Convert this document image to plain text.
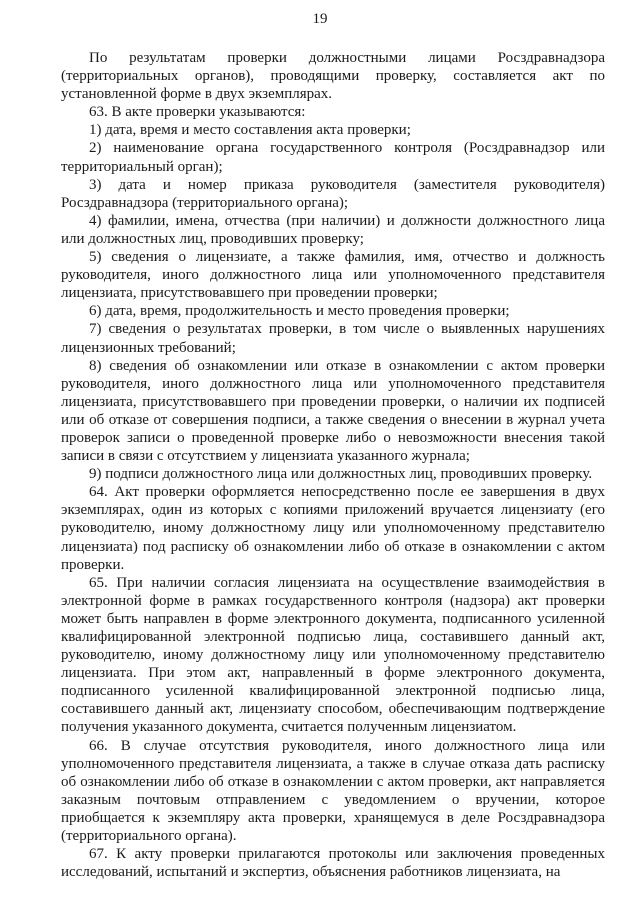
19

По результатам проверки должностными лицами Росздравнадзора (территориальных органов), проводящими проверку, составляется акт по установленной форме в двух экземплярах.

63. В акте проверки указываются:

1) дата, время и место составления акта проверки;

2) наименование органа государственного контроля (Росздравнадзор или территориальный орган);

3) дата и номер приказа руководителя (заместителя руководителя) Росздравнадзора (территориального органа);

4) фамилии, имена, отчества (при наличии) и должности должностного лица или должностных лиц, проводивших проверку;

5) сведения о лицензиате, а также фамилия, имя, отчество и должность руководителя, иного должностного лица или уполномоченного представителя лицензиата, присутствовавшего при проведении проверки;

6) дата, время, продолжительность и место проведения проверки;

7) сведения о результатах проверки, в том числе о выявленных нарушениях лицензионных требований;

8) сведения об ознакомлении или отказе в ознакомлении с актом проверки руководителя, иного должностного лица или уполномоченного представителя лицензиата, присутствовавшего при проведении проверки, о наличии их подписей или об отказе от совершения подписи, а также сведения о внесении в журнал учета проверок записи о проведенной проверке либо о невозможности внесения такой записи в связи с отсутствием у лицензиата указанного журнала;

9) подписи должностного лица или должностных лиц, проводивших проверку.

64. Акт проверки оформляется непосредственно после ее завершения в двух экземплярах, один из которых с копиями приложений вручается лицензиату (его руководителю, иному должностному лицу или уполномоченному представителю лицензиата) под расписку об ознакомлении либо об отказе в ознакомлении с актом проверки.

65. При наличии согласия лицензиата на осуществление взаимодействия в электронной форме в рамках государственного контроля (надзора) акт проверки может быть направлен в форме электронного документа, подписанного усиленной квалифицированной электронной подписью лица, составившего данный акт, руководителю, иному должностному лицу или уполномоченному представителю лицензиата. При этом акт, направленный в форме электронного документа, подписанного усиленной квалифицированной электронной подписью лица, составившего данный акт, лицензиату способом, обеспечивающим подтверждение получения указанного документа, считается полученным лицензиатом.

66. В случае отсутствия руководителя, иного должностного лица или уполномоченного представителя лицензиата, а также в случае отказа дать расписку об ознакомлении либо об отказе в ознакомлении с актом проверки, акт направляется заказным почтовым отправлением с уведомлением о вручении, которое приобщается к экземпляру акта проверки, хранящемуся в деле Росздравнадзора (территориального органа).

67. К акту проверки прилагаются протоколы или заключения проведенных исследований, испытаний и экспертиз, объяснения работников лицензиата, на
